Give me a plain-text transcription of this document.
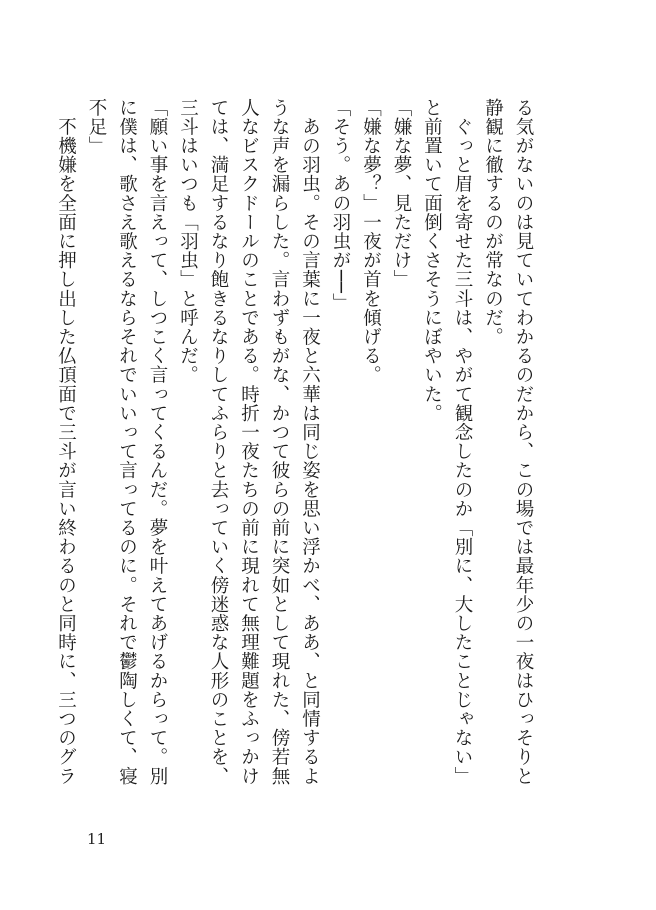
る気がないのは見ていてわかるのだから、この場では最年少の一夜はひっそりと
静観に徹するのが常なのだ。
　ぐっと眉を寄せた三斗は、やがて観念したのか「別に、大したことじゃない」
と前置いて面倒くさそうにぼやいた。
「嫌な夢、見ただけ」
「嫌な夢？」一夜が首を傾げる。
「そう。あの羽虫が──」
　あの羽虫。その言葉に一夜と六華は同じ姿を思い浮かべ、ああ、と同情するよ
うな声を漏らした。言わずもがな、かつて彼らの前に突如として現れた、傍若無
人なビスクドールのことである。時折一夜たちの前に現れて無理難題をふっかけ
ては、満足するなり飽きるなりしてふらりと去っていく傍迷惑な人形のことを、
三斗はいつも「羽虫」と呼んだ。
「願い事を言えって、しつこく言ってくるんだ。夢を叶えてあげるからって。別
に僕は、歌さえ歌えるならそれでいいって言ってるのに。それで鬱陶しくて、寝
不足」
　不機嫌を全面に押し出した仏頂面で三斗が言い終わるのと同時に、三つのグラ
11
